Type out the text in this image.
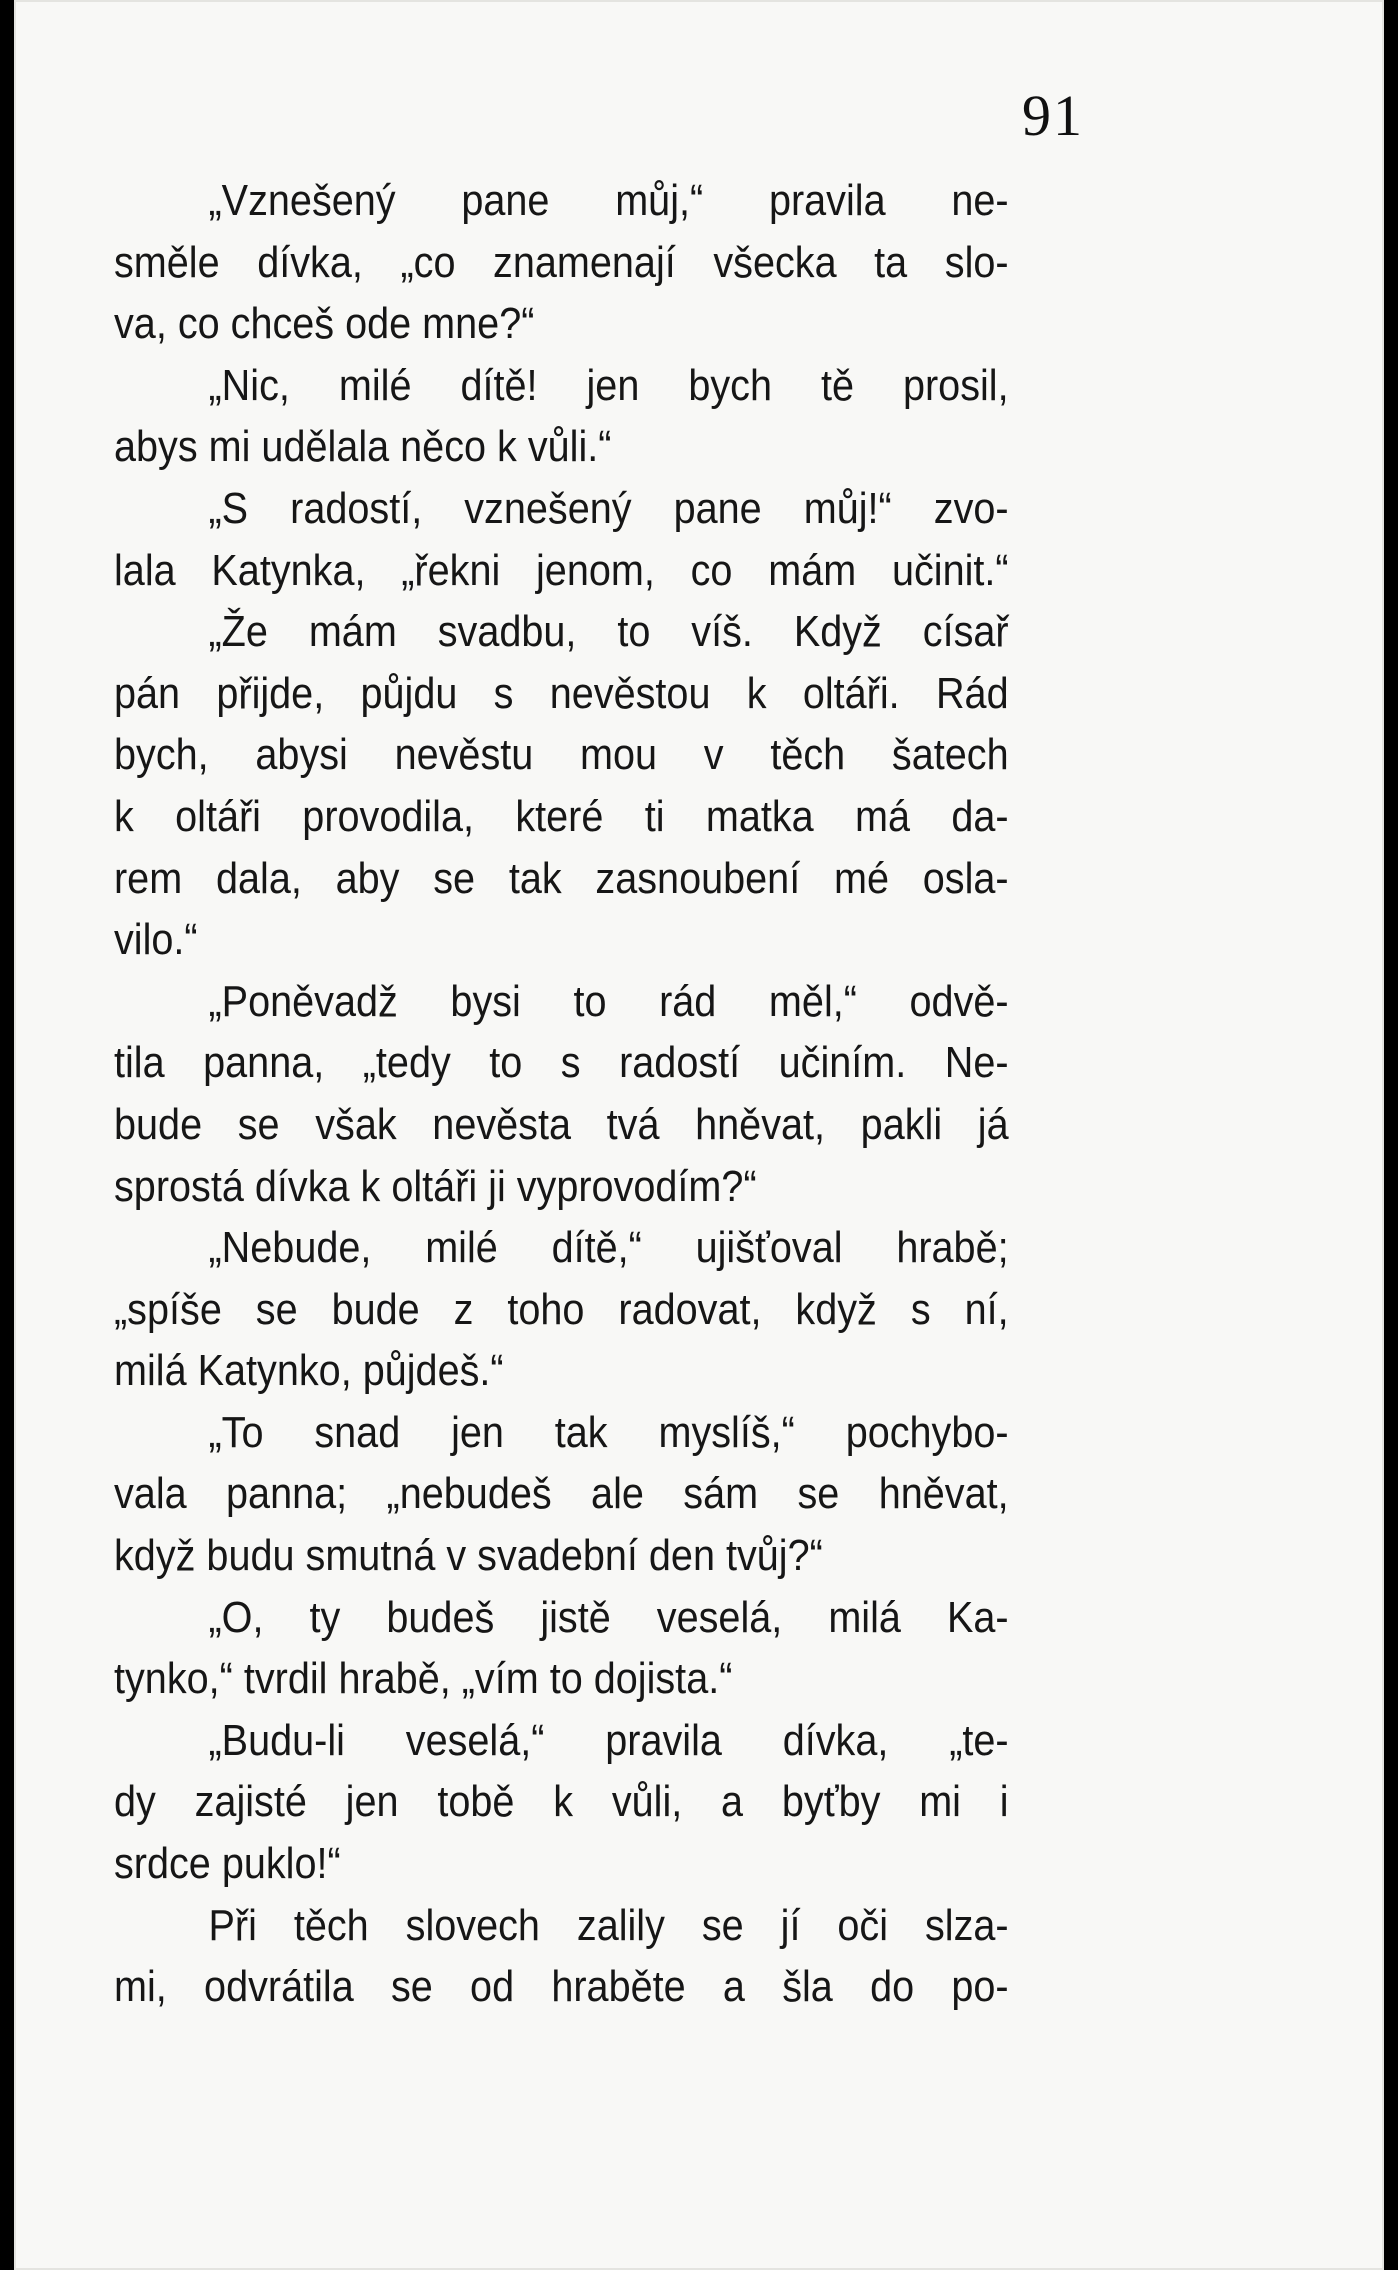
91
„Vznešený pane můj,“ pravila ne-
směle dívka, „co znamenají všecka ta slo-
va, co chceš ode mne?“
„Nic, milé dítě! jen bych tě prosil,
abys mi udělala něco k vůli.“
„S radostí, vznešený pane můj!“ zvo-
lala Katynka, „řekni jenom, co mám učinit.“
„Že mám svadbu, to víš. Když císař
pán přijde, půjdu s nevěstou k oltáři. Rád
bych, abysi nevěstu mou v těch šatech
k oltáři provodila, které ti matka má da-
rem dala, aby se tak zasnoubení mé osla-
vilo.“
„Poněvadž bysi to rád měl,“ odvě-
tila panna, „tedy to s radostí učiním. Ne-
bude se však nevěsta tvá hněvat, pakli já
sprostá dívka k oltáři ji vyprovodím?“
„Nebude, milé dítě,“ ujišťoval hrabě;
„spíše se bude z toho radovat, když s ní,
milá Katynko, půjdeš.“
„To snad jen tak myslíš,“ pochybo-
vala panna; „nebudeš ale sám se hněvat,
když budu smutná v svadební den tvůj?“
„O, ty budeš jistě veselá, milá Ka-
tynko,“ tvrdil hrabě, „vím to dojista.“
„Budu-li veselá,“ pravila dívka, „te-
dy zajisté jen tobě k vůli, a byťby mi i
srdce puklo!“
Při těch slovech zalily se jí oči slza-
mi, odvrátila se od hraběte a šla do po-
